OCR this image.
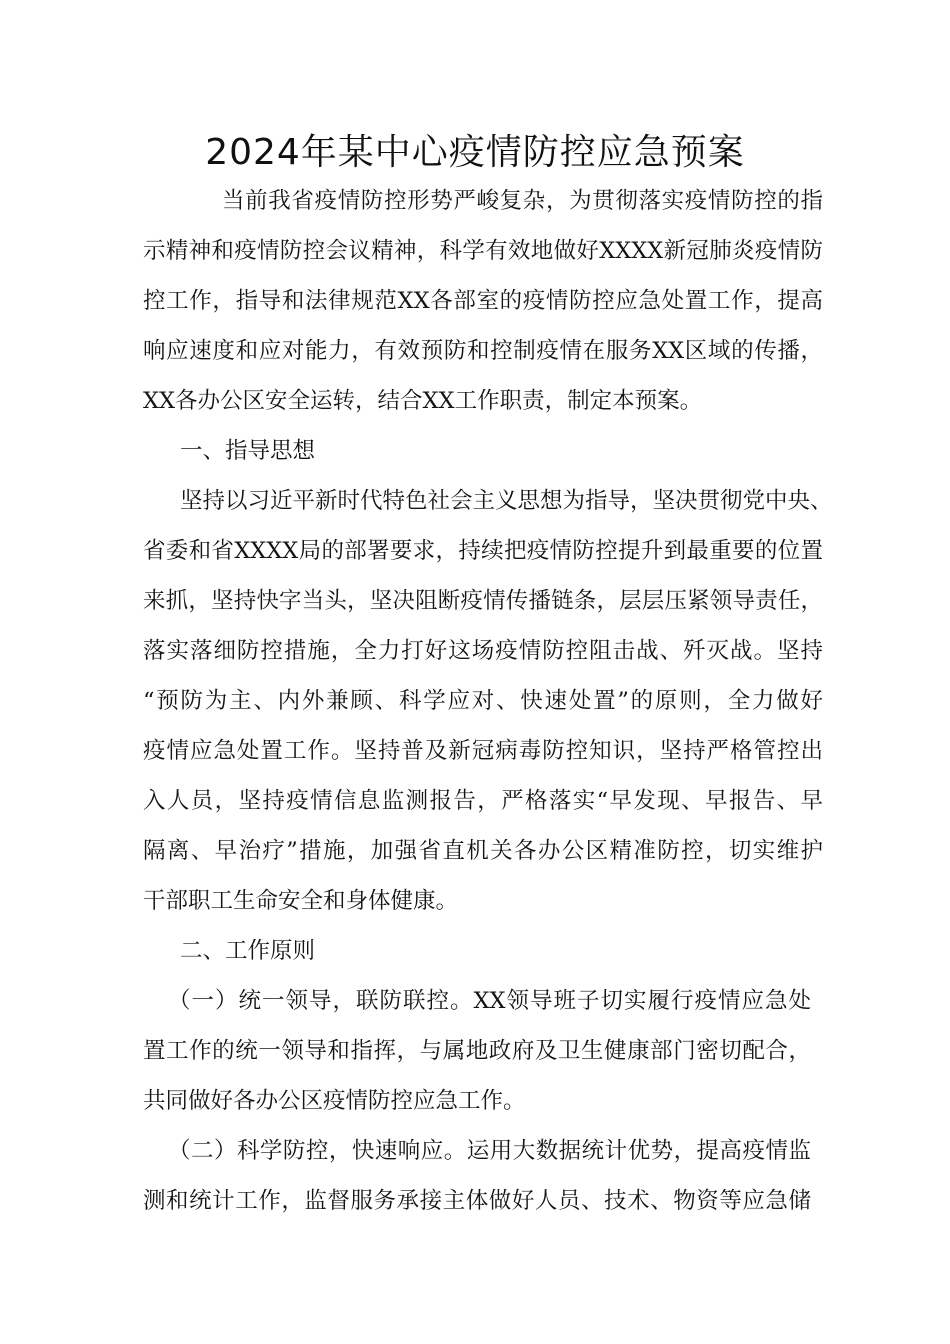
2024年某中心疫情防控应急预案
当前我省疫情防控形势严峻复杂，为贯彻落实疫情防控的指
示精神和疫情防控会议精神，科学有效地做好XXXX新冠肺炎疫情防
控工作，指导和法律规范XX各部室的疫情防控应急处置工作，提高
响应速度和应对能力，有效预防和控制疫情在服务XX区域的传播，
XX各办公区安全运转，结合XX工作职责，制定本预案。
一、指导思想
坚持以习近平新时代特色社会主义思想为指导，坚决贯彻党中央、
省委和省XXXX局的部署要求，持续把疫情防控提升到最重要的位置
来抓，坚持快字当头，坚决阻断疫情传播链条，层层压紧领导责任，
落实落细防控措施，全力打好这场疫情防控阻击战、歼灭战。坚持
“预防为主、内外兼顾、科学应对、快速处置”的原则，全力做好
疫情应急处置工作。坚持普及新冠病毒防控知识，坚持严格管控出
入人员，坚持疫情信息监测报告，严格落实“早发现、早报告、早
隔离、早治疗”措施，加强省直机关各办公区精准防控，切实维护
干部职工生命安全和身体健康。
二、工作原则
（一）统一领导，联防联控。XX领导班子切实履行疫情应急处
置工作的统一领导和指挥，与属地政府及卫生健康部门密切配合，
共同做好各办公区疫情防控应急工作。
（二）科学防控，快速响应。运用大数据统计优势，提高疫情监
测和统计工作，监督服务承接主体做好人员、技术、物资等应急储
